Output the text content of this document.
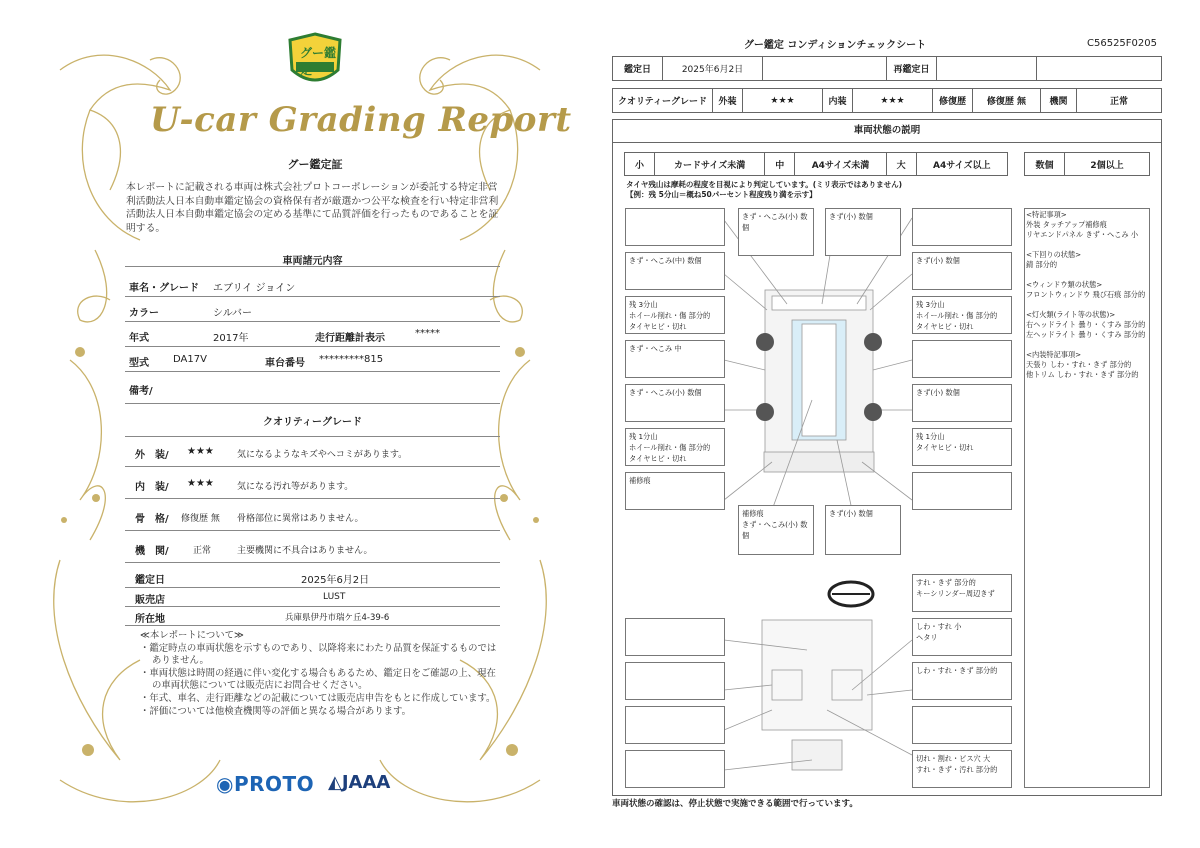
グー鑑定
U-car Grading Report
グー鑑定証
本レポートに記載される車両は株式会社プロトコーポレーションが委託する特定非営利活動法人日本自動車鑑定協会の資格保有者が厳選かつ公平な検査を行い特定非営利活動法人日本自動車鑑定協会の定める基準にて品質評価を行ったものであることを証明する。
車両諸元内容
車名・グレード エブリイ ジョイン
カラー	シルバー
年式	2017年	走行距離計表示	*****
型式 DA17V	車台番号 *********815
備考/
クオリティーグレード
外　装/ ★★★	気になるようなキズやヘコミがあります。
内　装/ ★★★	気になる汚れ等があります。
骨　格/ 修復歴 無 骨格部位に異常はありません。
機　関/	正常	主要機関に不具合はありません。
鑑定日	2025年6月2日
販売店	LUST
所在地	兵庫県伊丹市瑞ケ丘4-39-6
≪本レポートについて≫
・鑑定時点の車両状態を示すものであり、以降将来にわたり品質を保証するものではありません。
・車両状態は時間の経過に伴い変化する場合もあるため、鑑定日をご確認の上、現在の車両状態については販売店にお問合せください。
・年式、車名、走行距離などの記載については販売店申告をもとに作成しています。
・評価については他検査機関等の評価と異なる場合があります。
◉PROTO ◭JAAA
グー鑑定 コンディションチェックシート	C56525F0205
鑑定日	2025年6月2日		再鑑定日		
クオリティーグレード	外装	★★★	内装	★★★	修復歴	修復歴 無	機関	正常
車両状態の説明
小	カードサイズ未満	中	A4サイズ未満	大	A4サイズ以上	数個	2個以上
タイヤ残山は摩耗の程度を目視により判定しています。(ミリ表示ではありません)
【例：残 5分山＝概ね50パーセント程度残り満を示す】
きず・へこみ(小) 数個
きず(小) 数個
きず・へこみ(中) 数個	きず(小) 数個
残 3分山
ホイール削れ・傷 部分的
タイヤヒビ・切れ
残 3分山
ホイール削れ・傷 部分的
タイヤヒビ・切れ
きず・へこみ 中
きず・へこみ(小) 数個	きず(小) 数個
残 1分山
ホイール削れ・傷 部分的
タイヤヒビ・切れ
残 1分山
タイヤヒビ・切れ
補修痕
補修痕
きず・へこみ(小) 数個
きず(小) 数個
すれ・きず 部分的
キーシリンダー周辺きず
しわ・すれ 小
ヘタリ
しわ・すれ・きず 部分的
切れ・割れ・ビス穴 大
すれ・きず・汚れ 部分的
<特記事項>
外装 タッチアップ補修痕
リヤエンドパネル きず・へこみ 小

<下回りの状態>
錆 部分的

<ウィンドウ類の状態>
フロントウィンドウ 飛び石痕 部分的

<灯火類(ライト等の状態)>
右ヘッドライト 曇り・くすみ 部分的
左ヘッドライト 曇り・くすみ 部分的

<内装特記事項>
天張り しわ・すれ・きず 部分的
他トリム しわ・すれ・きず 部分的
車両状態の確認は、停止状態で実施できる範囲で行っています。
